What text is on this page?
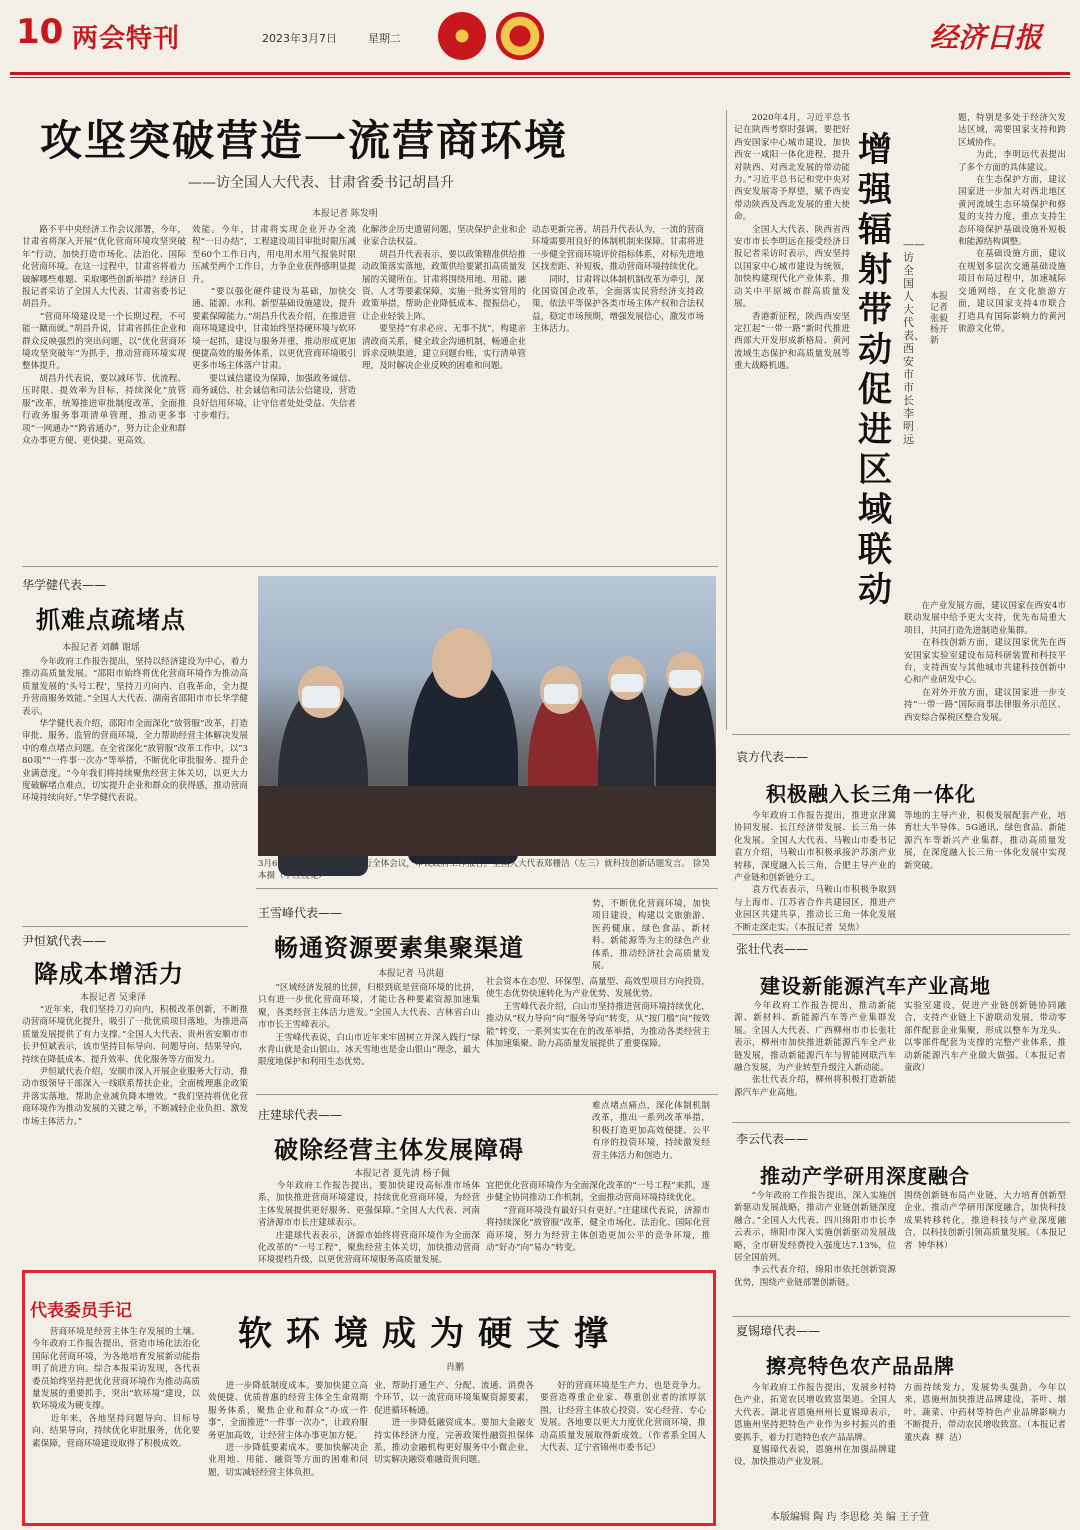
10 两会特刊	2023年3月7日	星期二	经济日报
攻坚突破营造一流营商环境
——访全国人大代表、甘肃省委书记胡昌升
本报记者 陈发明
　　路不平中央经济工作会议部署，今年，甘肃省将深入开展“优化营商环境攻坚突破年”行动，加快打造市场化、法治化、国际化营商环境。在这一过程中，甘肃省将着力破解哪些难题、采取哪些创新举措？经济日报记者采访了全国人大代表、甘肃省委书记胡昌升。
　　“营商环境建设是一个长期过程，不可能一蹴而就。”胡昌升说，甘肃省抓住企业和群众反映强烈的突出问题，以“优化营商环境攻坚突破年”为抓手，推动营商环境实现整体提升。
　　胡昌升代表说，要以减环节、优流程、压时限、提效率为目标，持续深化“放管服”改革，统筹推进审批制度改革，全面推行政务服务事项清单管理，推动更多事项“一网通办”“跨省通办”，努力让企业和群众办事更方便、更快捷、更高效。
效能。今年，甘肃将实现企业开办全流程“一日办结”，工程建设项目审批时限压减至60个工作日内，用电用水用气报装时限压减至两个工作日，力争企业获得感明显提升。
　　“要以强化硬件建设为基础，加快交通、能源、水利、新型基础设施建设，提升要素保障能力。”胡昌升代表介绍，在推进营商环境建设中，甘肃始终坚持硬环境与软环境一起抓，建设与服务并重，推动形成更加便捷高效的服务体系，以更优营商环境吸引更多市场主体落户甘肃。
　　要以诚信建设为保障，加强政务诚信、商务诚信、社会诚信和司法公信建设，营造良好信用环境，让守信者处处受益、失信者寸步难行。
化解涉企历史遗留问题，坚决保护企业和企业家合法权益。
　　胡昌升代表表示，要以政策精准供给推动政策落实落地，政策供给要紧扣高质量发展的关键所在。甘肃将围绕用地、用能、融资、人才等要素保障，实施一批务实管用的政策举措，帮助企业降低成本、提振信心，让企业轻装上阵。
　　要坚持“有求必应、无事不扰”，构建亲清政商关系，健全政企沟通机制，畅通企业诉求反映渠道，建立问题台账，实行清单管理，及时解决企业反映的困难和问题。
动态更新完善。胡昌升代表认为，一流的营商环境需要用良好的体制机制来保障。甘肃将进一步健全营商环境评价指标体系，对标先进地区找差距、补短板，推动营商环境持续优化。
　　同时，甘肃将以体制机制改革为牵引，深化国资国企改革，全面落实民营经济支持政策，依法平等保护各类市场主体产权和合法权益，稳定市场预期，增强发展信心，激发市场主体活力。
　　2020年4月，习近平总书记在陕西考察时强调，要把好西安国家中心城市建设，加快西安一咸阳一体化进程，提升对陕西、对西北发展的带动能力。”习近平总书记和党中央对西安发展寄予厚望，赋予西安带动陕西及西北发展的重大使命。
　　全国人大代表、陕西省西安市市长李明远在接受经济日报记者采访时表示，西安坚持以国家中心城市建设为统领，加快构建现代化产业体系，推动关中平原城市群高质量发展。
　　香港新征程，陕西西安坚定扛起“一带一路”新时代推进西部大开发形成新格局、黄河流域生态保护和高质量发展等重大战略机遇。
增强辐射带动 促进区域联动
——访全国人大代表、西安市市长李明远
本报记者 张毅 杨开新
题，特别是多处于经济欠发达区域，需要国家支持和跨区域协作。
　　为此，李明远代表提出了多个方面的具体建议。
　　在生态保护方面，建议国家进一步加大对西北地区黄河流域生态环境保护和修复的支持力度，重点支持生态环境保护基础设施补短板和能源结构调整。
　　在基础设施方面，建议在规划多层次交通基础设施项目布局过程中，加速城际交通网络，在文化旅游方面，建议国家支持4市联合打造具有国际影响力的黄河旅游文化带。
　　在产业发展方面，建议国家在西安4市联动发展中给予更大支持，优先布局重大项目，共同打造先进制造业集群。
　　在科技创新方面，建议国家优先在西安国家实验室建设布局科研装置和科技平台，支持西安与其他城市共建科技创新中心和产业研发中心。
　　在对外开放方面，建议国家进一步支持“一带一路”国际商事法律服务示范区、西安综合保税区整合发展。
华学健代表——
抓难点疏堵点
本报记者 刘麟 谢瑶
　　今年政府工作报告提出，坚持以经济建设为中心，着力推动高质量发展。“邵阳市始终将优化营商环境作为推动高质量发展的‘头号工程’，坚持刀刃向内、自我革命，全力提升营商服务效能。”全国人大代表、湖南省邵阳市市长华学健表示。
　　华学健代表介绍，邵阳市全面深化“放管服”改革，打造审批、服务、监管的营商环境，全力帮助经营主体解决发展中的难点堵点问题。在全省深化“放管服”改革工作中，以“380项”“一件事一次办”等举措，不断优化审批服务、提升企业满意度。“今年我们将持续聚焦经营主体关切，以更大力度破解堵点难点，切实提升企业和群众的获得感，推动营商环境持续向好。”华学健代表说。
3月6日，人大安徽代表团举行全体会议，审议政府工作报告。全国人大代表郑栅洁（左三）就科技创新话题发言。 徐昊本摄（中经视觉）
尹恒斌代表——
降成本增活力
本报记者 吴秉泽
　　“近年来，我们坚持刀刃向内，积极改革创新，不断推动营商环境优化提升，吸引了一批优质项目落地，为推进高质量发展提供了有力支撑。”全国人大代表、贵州省安顺市市长尹恒斌表示，该市坚持目标导向、问题导向、结果导向，持续在降低成本、提升效率、优化服务等方面发力。
　　尹恒斌代表介绍，安顺市深入开展企业服务大行动，推动市级领导干部深入一线联系帮扶企业，全面梳理惠企政策并落实落地，帮助企业减负降本增效。“我们坚持将优化营商环境作为推动发展的关键之举，不断减轻企业负担、激发市场主体活力。”
王雪峰代表——
畅通资源要素集聚渠道
本报记者 马洪超
　　“区域经济发展的比拼，归根到底是营商环境的比拼，只有进一步优化营商环境，才能让各种要素资源加速集聚，各类经营主体活力进发。”全国人大代表、吉林省白山市市长王雪峰表示。
　　王雪峰代表说，白山市近年来牢固树立并深入践行“绿水青山就是金山银山、冰天雪地也是金山银山”理念，最大限度地保护和利用生态优势。
社会资本在态型、环保型、高量型、高效型项目方向投资，使生态优势快速转化为产业优势、发展优势。
　　王雪峰代表介绍，白山市坚持推进营商环境持续优化，推动从“权力导向”向“服务导向”转变，从“按门槛”向“按效能”转变，一系列实实在在的改革举措，为推动各类经营主体加速集聚、助力高质量发展提供了重要保障。
势，不断优化营商环境，加快项目建设，构建以文旅旅游、医药健康、绿色食品、新材料、新能源等为主的绿色产业体系，推动经济社会高质量发展。
庄建球代表——
破除经营主体发展障碍
本报记者 夏先清 杨子佩
　　今年政府工作报告提出，要加快建设高标准市场体系，加快推进营商环境建设，持续优化营商环境，为经营主体发展提供更好服务、更强保障。”全国人大代表、河南省济源市市长庄建球表示。
　　庄建球代表表示，济源市始终将营商环境作为全面深化改革的“一号工程”，聚焦经营主体关切，加快推动营商环境提档升级，以更优营商环境服务高质量发展。
宜把优化营商环境作为全面深化改革的“一号工程”来抓，逐步健全协同推动工作机制，全面推动营商环境持续优化。
　　“营商环境没有最好只有更好。”庄建球代表说，济源市将持续深化“放管服”改革，健全市场化、法治化、国际化营商环境，努力为经营主体创造更加公平的竞争环境，推动“好办”向“易办”转变。
难点堵点痛点，深化体制机制改革，推出一系列改革举措，积极打造更加高效便捷、公平有序的投资环境，持续激发经营主体活力和创造力。
代表委员手记
软环境成为硬支撑
肖鹏
　　营商环境是经营主体生存发展的土壤。今年政府工作报告提出，营造市场化法治化国际化营商环境，为各地培育发展新动能指明了前进方向。综合本报采访发现，各代表委员始终坚持把优化营商环境作为推动高质量发展的重要抓手，突出“软环境”建设，以软环境成为硬支撑。
　　近年来，各地坚持问题导向、目标导向、结果导向，持续优化审批服务，优化要素保障，营商环境建设取得了积极成效。
　　进一步降低制度成本。要加快建立高效便捷、优质普惠的经营主体全生命周期服务体系，聚焦企业和群众“办成一件事”，全面推进“一件事一次办”，让政府服务更加高效，让经营主体办事更加方便。
　　进一步降低要素成本。要加快解决企业用地、用能、融资等方面的困难和问题，切实减轻经营主体负担。
业，帮助打通生产、分配、流通、消费各个环节，以一流营商环境集聚资源要素，促进循环畅通。
　　进一步降低融资成本。要加大金融支持实体经济力度，完善政策性融资担保体系，推动金融机构更好服务中小微企业，切实解决融资难融资贵问题。
　　好的营商环境是生产力，也是竞争力。要营造尊重企业家、尊重创业者的浓厚氛围，让经营主体放心投资、安心经营、专心发展。各地要以更大力度优化营商环境，推动高质量发展取得新成效。（作者系全国人大代表、辽宁省锦州市委书记）
袁方代表——
积极融入长三角一体化
　　今年政府工作报告提出，推进京津冀协同发展、长江经济带发展、长三角一体化发展。全国人大代表、马鞍山市委书记袁方介绍，马鞍山市积极承接沪苏浙产业转移，深度融入长三角，合肥主导产业的产业链和创新链分工。
　　袁方代表表示，马鞍山市积极争取到与上海市、江苏省合作共建园区，推进产业园区共建共享，推动长三角一体化发展不断走深走实。（本报记者  吴焦）
等地的主导产业，积极发展配套产业，培育壮大半导体、5G通讯、绿色食品、新能源汽车等新兴产业集群，推动高质量发展，在深度融入长三角一体化发展中实现新突破。
张壮代表——
建设新能源汽车产业高地
　　今年政府工作报告提出，推动新能源、新材料、新能源汽车等产业集群发展。全国人大代表、广西柳州市市长张壮表示，柳州市加快推进新能源汽车全产业链发展，推动新能源汽车与智能网联汽车融合发展，为产业转型升级注入新动能。
　　张壮代表介绍，柳州将积极打造新能源汽车产业高地。
实验室建设，促进产业链创新链协同融合，支持产业链上下游联动发展，带动零部件配套企业集聚，形成以整车为龙头、以零部件配套为支撑的完整产业体系，推动新能源汽车产业做大做强。（本报记者  童政）
李云代表——
推动产学研用深度融合
　　“今年政府工作报告提出，深入实施创新驱动发展战略，推动产业链创新链深度融合。”全国人大代表、四川绵阳市市长李云表示，绵阳市深入实施创新驱动发展战略，全市研发经费投入强度达7.13%，位居全国前列。
　　李云代表介绍，绵阳市依托创新资源优势，围绕产业链部署创新链。
围绕创新链布局产业链，大力培育创新型企业，推动产学研用深度融合，加快科技成果转移转化，推进科技与产业深度融合，以科技创新引领高质量发展。（本报记者  钟华林）
夏锡璋代表——
擦亮特色农产品品牌
　　今年政府工作报告提出，发展乡村特色产业，拓宽农民增收致富渠道。全国人大代表、湖北省恩施州州长夏锡璋表示，恩施州坚持把特色产业作为乡村振兴的重要抓手，着力打造特色农产品品牌。
　　夏锡璋代表说，恩施州在加强品牌建设，加快推动产业发展。
方面持续发力，发展势头强劲。今年以来，恩施州加快推进品牌建设，茶叶、烟叶、蔬菜、中药材等特色产业品牌影响力不断提升，带动农民增收致富。（本报记者  董庆森  柳  洁）
本版编辑 陶 玙 李思稔 美 编 王子萱
